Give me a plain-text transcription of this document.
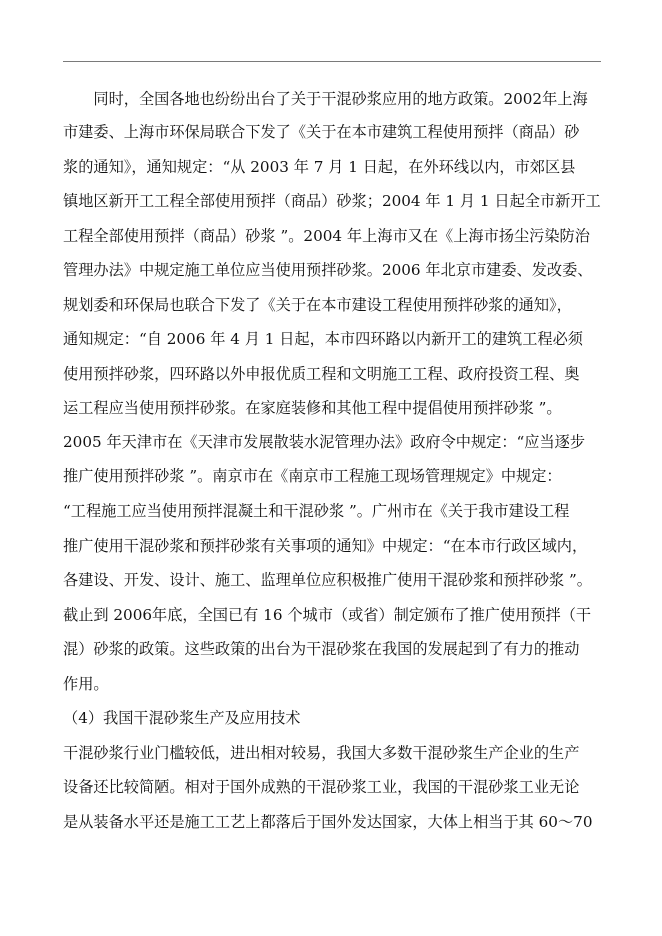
　　同时，全国各地也纷纷出台了关于干混砂浆应用的地方政策。2002年上海
市建委、上海市环保局联合下发了《关于在本市建筑工程使用预拌（商品）砂
浆的通知》，通知规定：“从 2003 年 7 月 1 日起，在外环线以内，市郊区县
镇地区新开工工程全部使用预拌（商品）砂浆；2004 年 1 月 1 日起全市新开工
工程全部使用预拌（商品）砂浆 ”。2004 年上海市又在《上海市扬尘污染防治
管理办法》中规定施工单位应当使用预拌砂浆。2006 年北京市建委、发改委、
规划委和环保局也联合下发了《关于在本市建设工程使用预拌砂浆的通知》，
通知规定：“自 2006 年 4 月 1 日起，本市四环路以内新开工的建筑工程必须
使用预拌砂浆，四环路以外申报优质工程和文明施工工程、政府投资工程、奥
运工程应当使用预拌砂浆。在家庭装修和其他工程中提倡使用预拌砂浆 ”。
2005 年天津市在《天津市发展散装水泥管理办法》政府令中规定：“应当逐步
推广使用预拌砂浆 ”。南京市在《南京市工程施工现场管理规定》中规定：
“工程施工应当使用预拌混凝土和干混砂浆 ”。广州市在《关于我市建设工程
推广使用干混砂浆和预拌砂浆有关事项的通知》中规定：“在本市行政区域内，
各建设、开发、设计、施工、监理单位应积极推广使用干混砂浆和预拌砂浆 ”。
截止到 2006年底，全国已有 16 个城市（或省）制定颁布了推广使用预拌（干
混）砂浆的政策。这些政策的出台为干混砂浆在我国的发展起到了有力的推动
作用。
（4）我国干混砂浆生产及应用技术
干混砂浆行业门槛较低，进出相对较易，我国大多数干混砂浆生产企业的生产
设备还比较简陋。相对于国外成熟的干混砂浆工业，我国的干混砂浆工业无论
是从装备水平还是施工工艺上都落后于国外发达国家，大体上相当于其 60～70
